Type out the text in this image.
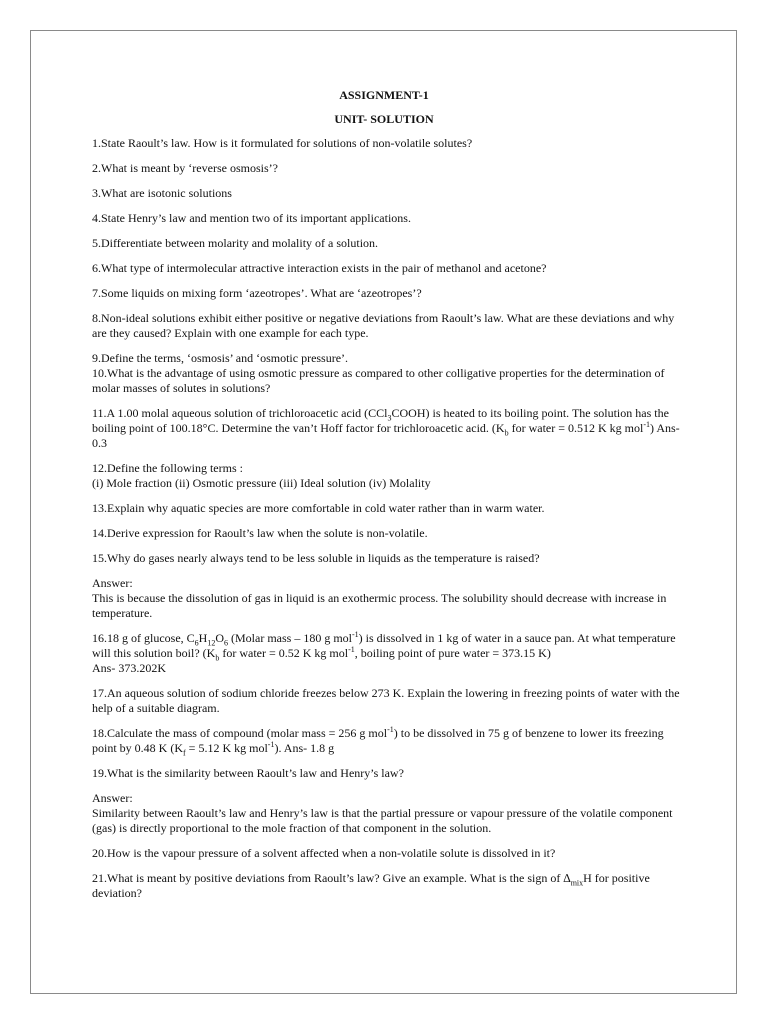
ASSIGNMENT-1
UNIT- SOLUTION

1.State Raoult’s law. How is it formulated for solutions of non-volatile solutes?

2.What is meant by ‘reverse osmosis’?

3.What are isotonic solutions

4.State Henry’s law and mention two of its important applications.

5.Differentiate between molarity and molality of a solution.

6.What type of intermolecular attractive interaction exists in the pair of methanol and acetone?

7.Some liquids on mixing form ‘azeotropes’. What are ‘azeotropes’?

8.Non-ideal solutions exhibit either positive or negative deviations from Raoult’s law. What are these deviations and why are they caused? Explain with one example for each type.

9.Define the terms, ‘osmosis’ and ‘osmotic pressure’.

10.What is the advantage of using osmotic pressure as compared to other colligative properties for the determination of molar masses of solutes in solutions?

11.A 1.00 molal aqueous solution of trichloroacetic acid (CCl$_3$COOH) is heated to its boiling point. The solution has the boiling point of 100.18°C. Determine the van’t Hoff factor for trichloroacetic acid. ($K_b$ for water = 0.512 K kg mol$^{-1}$) Ans- 0.3

12.Define the following terms :
(i) Mole fraction (ii) Osmotic pressure (iii) Ideal solution (iv) Molality

13.Explain why aquatic species are more comfortable in cold water rather than in warm water.

14.Derive expression for Raoult’s law when the solute is non-volatile.

15.Why do gases nearly always tend to be less soluble in liquids as the temperature is raised?

Answer:
This is because the dissolution of gas in liquid is an exothermic process. The solubility should decrease with increase in temperature.

16.18 g of glucose, $C_6H_{12}O_6$ (Molar mass – 180 g mol$^{-1}$) is dissolved in 1 kg of water in a sauce pan. At what temperature will this solution boil? ($K_b$ for water = 0.52 K kg mol$^{-1}$, boiling point of pure water = 373.15 K)
Ans- 373.202K

17.An aqueous solution of sodium chloride freezes below 273 K. Explain the lowering in freezing points of water with the help of a suitable diagram.

18.Calculate the mass of compound (molar mass = 256 g mol$^{-1}$) to be dissolved in 75 g of benzene to lower its freezing point by 0.48 K ($K_f = 5.12$ K kg mol$^{-1}$). Ans- 1.8 g

19.What is the similarity between Raoult’s law and Henry’s law?

Answer:
Similarity between Raoult’s law and Henry’s law is that the partial pressure or vapour pressure of the volatile component (gas) is directly proportional to the mole fraction of that component in the solution.

20.How is the vapour pressure of a solvent affected when a non-volatile solute is dissolved in it?

21.What is meant by positive deviations from Raoult’s law? Give an example. What is the sign of $\Delta_{mix}H$ for positive deviation?
